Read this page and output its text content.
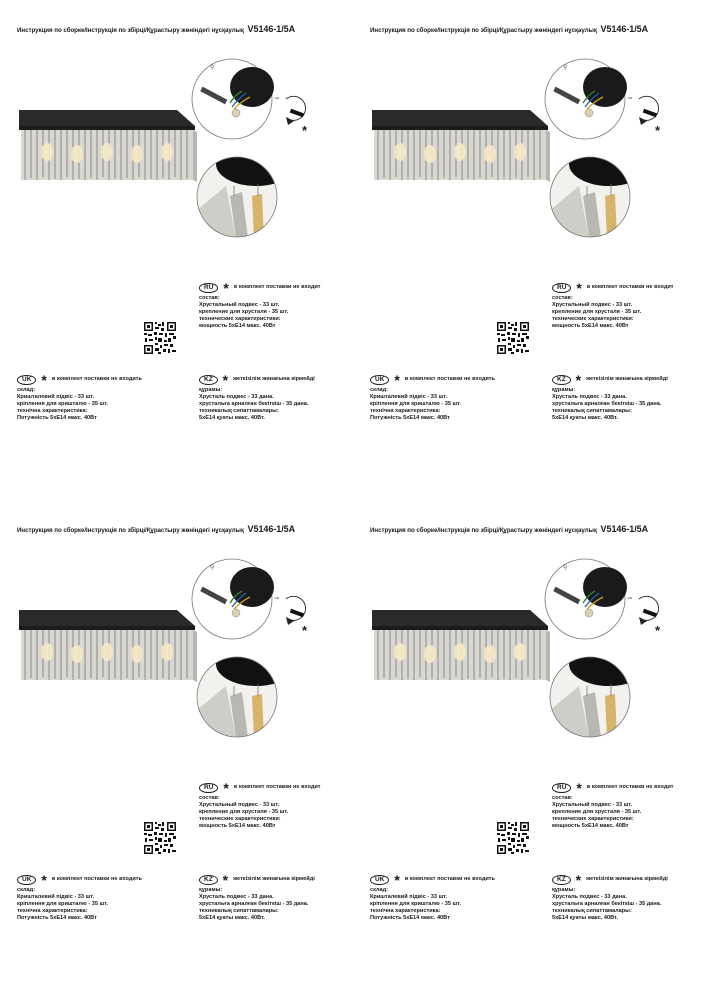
Инструкция по сборке/Інструкція по збірці/Құрастыру жөніндегі нұсқаулық V5146-1/5A
⚲
⊸
*
RU * в комплект поставки не входит
состав:
Хрустальный подвес - 33 шт.
крепление для хрусталя - 35 шт.
технические характеристики:
мощность 5хЕ14 макс. 40Вт
UK * в комплект поставки не входить
склад:
Кришталевий підвіс - 33 шт.
кріплення для кришталю - 35 шт.
технічна характеристика:
Потужність 5хЕ14 макс. 40Вт
KZ * жеткізілім жинағына кірмейді
құрамы:
Хрусталь подвес - 33 дана.
хрустальға арналған бекіткіш - 35 дана.
техникалық сипаттамалары:
5хЕ14 қуаты макс. 40Вт.
Инструкция по сборке/Інструкція по збірці/Құрастыру жөніндегі нұсқаулық V5146-1/5A
⚲
⊸
*
RU * в комплект поставки не входит
состав:
Хрустальный подвес - 33 шт.
крепление для хрусталя - 35 шт.
технические характеристики:
мощность 5хЕ14 макс. 40Вт
UK * в комплект поставки не входить
склад:
Кришталевий підвіс - 33 шт.
кріплення для кришталю - 35 шт.
технічна характеристика:
Потужність 5хЕ14 макс. 40Вт
KZ * жеткізілім жинағына кірмейді
құрамы:
Хрусталь подвес - 33 дана.
хрустальға арналған бекіткіш - 35 дана.
техникалық сипаттамалары:
5хЕ14 қуаты макс. 40Вт.
Инструкция по сборке/Інструкція по збірці/Құрастыру жөніндегі нұсқаулық V5146-1/5A
⚲
⊸
*
RU * в комплект поставки не входит
состав:
Хрустальный подвес - 33 шт.
крепление для хрусталя - 35 шт.
технические характеристики:
мощность 5хЕ14 макс. 40Вт
UK * в комплект поставки не входить
склад:
Кришталевий підвіс - 33 шт.
кріплення для кришталю - 35 шт.
технічна характеристика:
Потужність 5хЕ14 макс. 40Вт
KZ * жеткізілім жинағына кірмейді
құрамы:
Хрусталь подвес - 33 дана.
хрустальға арналған бекіткіш - 35 дана.
техникалық сипаттамалары:
5хЕ14 қуаты макс. 40Вт.
Инструкция по сборке/Інструкція по збірці/Құрастыру жөніндегі нұсқаулық V5146-1/5A
⚲
⊸
*
RU * в комплект поставки не входит
состав:
Хрустальный подвес - 33 шт.
крепление для хрусталя - 35 шт.
технические характеристики:
мощность 5хЕ14 макс. 40Вт
UK * в комплект поставки не входить
склад:
Кришталевий підвіс - 33 шт.
кріплення для кришталю - 35 шт.
технічна характеристика:
Потужність 5хЕ14 макс. 40Вт
KZ * жеткізілім жинағына кірмейді
құрамы:
Хрусталь подвес - 33 дана.
хрустальға арналған бекіткіш - 35 дана.
техникалық сипаттамалары:
5хЕ14 қуаты макс. 40Вт.
